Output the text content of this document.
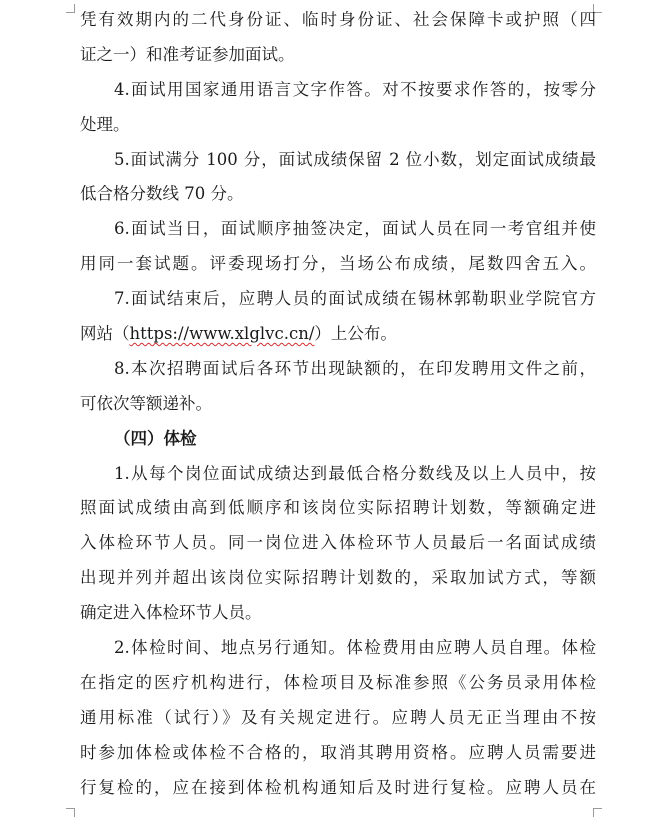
凭有效期内的二代身份证、临时身份证、社会保障卡或护照（四
证之一）和准考证参加面试。
4.面试用国家通用语言文字作答。对不按要求作答的，按零分
处理。
5.面试满分 100 分，面试成绩保留 2 位小数，划定面试成绩最
低合格分数线 70 分。
6.面试当日，面试顺序抽签决定，面试人员在同一考官组并使
用同一套试题。评委现场打分，当场公布成绩，尾数四舍五入。
7.面试结束后，应聘人员的面试成绩在锡林郭勒职业学院官方
网站（https://www.xlglvc.cn/）上公布。
8.本次招聘面试后各环节出现缺额的，在印发聘用文件之前，
可依次等额递补。
（四）体检
1.从每个岗位面试成绩达到最低合格分数线及以上人员中，按
照面试成绩由高到低顺序和该岗位实际招聘计划数，等额确定进
入体检环节人员。同一岗位进入体检环节人员最后一名面试成绩
出现并列并超出该岗位实际招聘计划数的，采取加试方式，等额
确定进入体检环节人员。
2.体检时间、地点另行通知。体检费用由应聘人员自理。体检
在指定的医疗机构进行，体检项目及标准参照《公务员录用体检
通用标准（试行）》及有关规定进行。应聘人员无正当理由不按
时参加体检或体检不合格的，取消其聘用资格。应聘人员需要进
行复检的，应在接到体检机构通知后及时进行复检。应聘人员在
